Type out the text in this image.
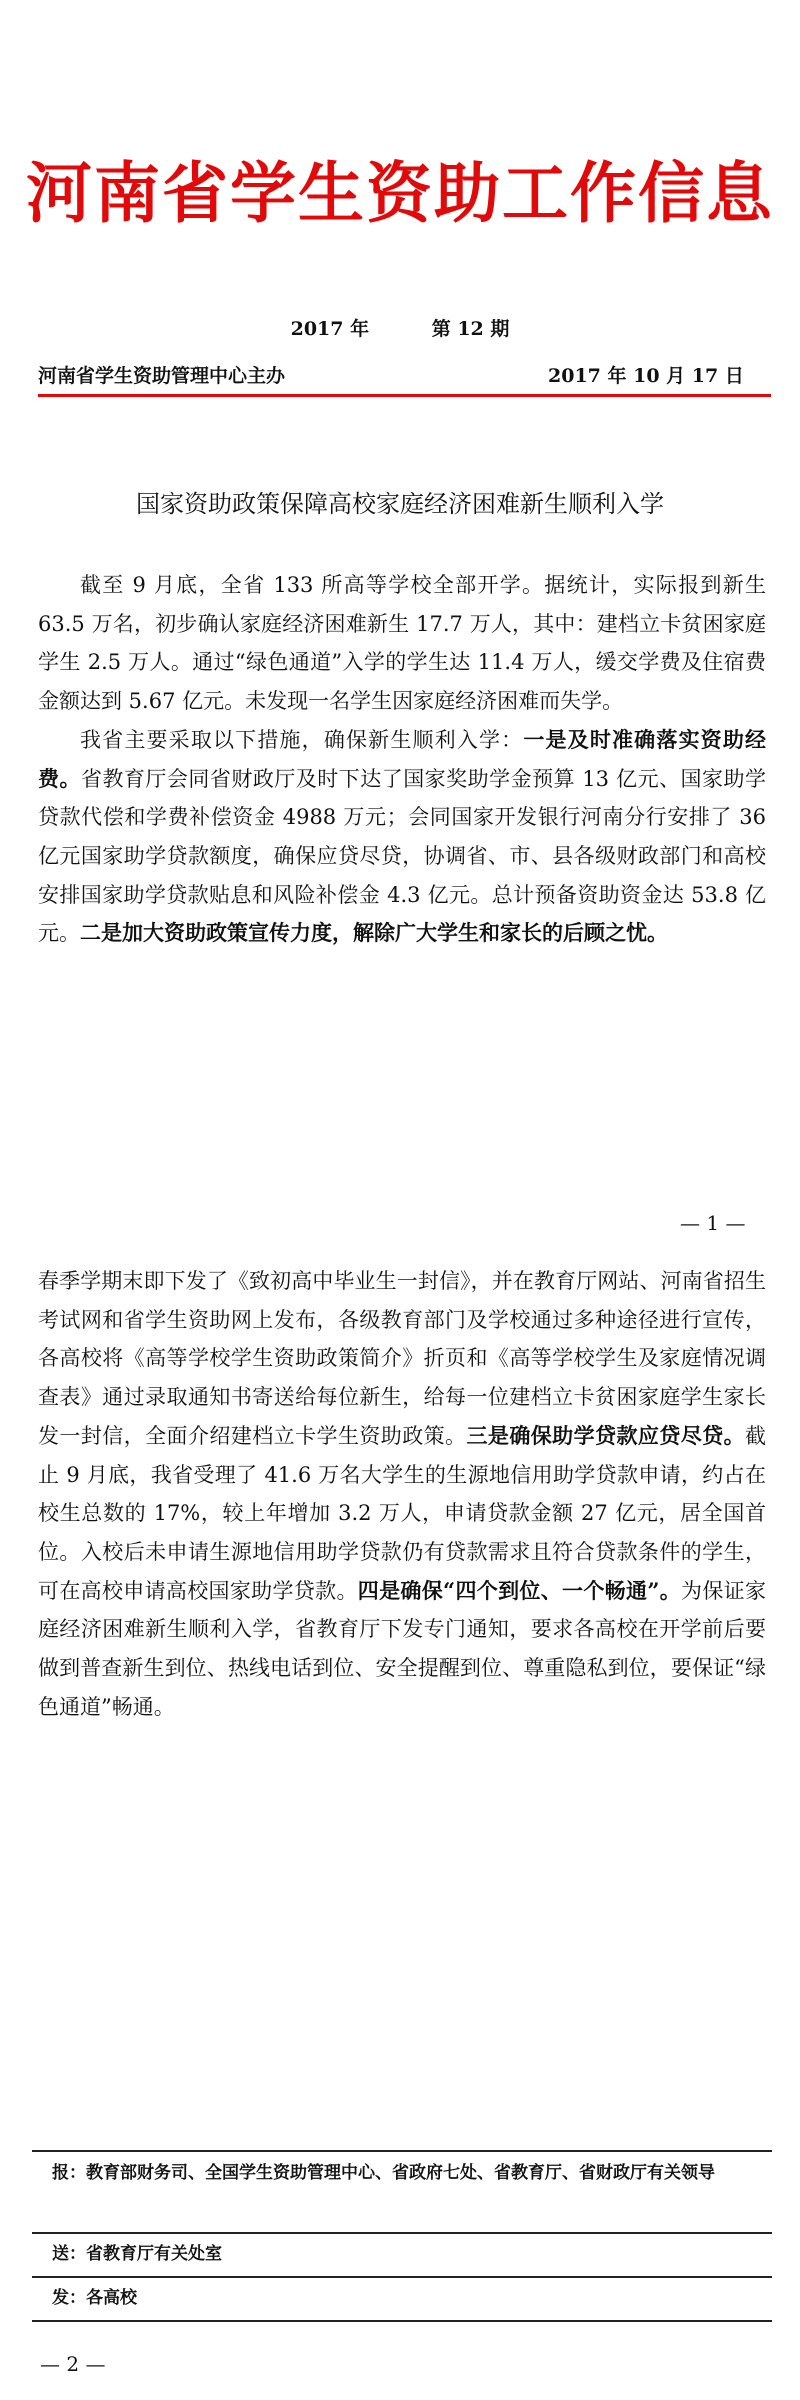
河南省学生资助工作信息
2017 年	第 12 期
河南省学生资助管理中心主办	2017 年 10 月 17 日
国家资助政策保障高校家庭经济困难新生顺利入学

截至 9 月底，全省 133 所高等学校全部开学。据统计，实际报到新生 63.5 万名，初步确认家庭经济困难新生 17.7 万人，其中：建档立卡贫困家庭学生 2.5 万人。通过“绿色通道”入学的学生达 11.4 万人，缓交学费及住宿费金额达到 5.67 亿元。未发现一名学生因家庭经济困难而失学。

我省主要采取以下措施，确保新生顺利入学：一是及时准确落实资助经费。省教育厅会同省财政厅及时下达了国家奖助学金预算 13 亿元、国家助学贷款代偿和学费补偿资金 4988 万元；会同国家开发银行河南分行安排了 36 亿元国家助学贷款额度，确保应贷尽贷，协调省、市、县各级财政部门和高校安排国家助学贷款贴息和风险补偿金 4.3 亿元。总计预备资助资金达 53.8 亿元。二是加大资助政策宣传力度，解除广大学生和家长的后顾之忧。

— 1 —

春季学期末即下发了《致初高中毕业生一封信》，并在教育厅网站、河南省招生考试网和省学生资助网上发布，各级教育部门及学校通过多种途径进行宣传，各高校将《高等学校学生资助政策简介》折页和《高等学校学生及家庭情况调查表》通过录取通知书寄送给每位新生，给每一位建档立卡贫困家庭学生家长发一封信，全面介绍建档立卡学生资助政策。三是确保助学贷款应贷尽贷。截止 9 月底，我省受理了 41.6 万名大学生的生源地信用助学贷款申请，约占在校生总数的 17%，较上年增加 3.2 万人，申请贷款金额 27 亿元，居全国首位。入校后未申请生源地信用助学贷款仍有贷款需求且符合贷款条件的学生，可在高校申请高校国家助学贷款。四是确保“四个到位、一个畅通”。为保证家庭经济困难新生顺利入学，省教育厅下发专门通知，要求各高校在开学前后要做到普查新生到位、热线电话到位、安全提醒到位、尊重隐私到位，要保证“绿色通道”畅通。

报：教育部财务司、全国学生资助管理中心、省政府七处、省教育厅、省财政厅有关领导
送：省教育厅有关处室
发：各高校
— 2 —
